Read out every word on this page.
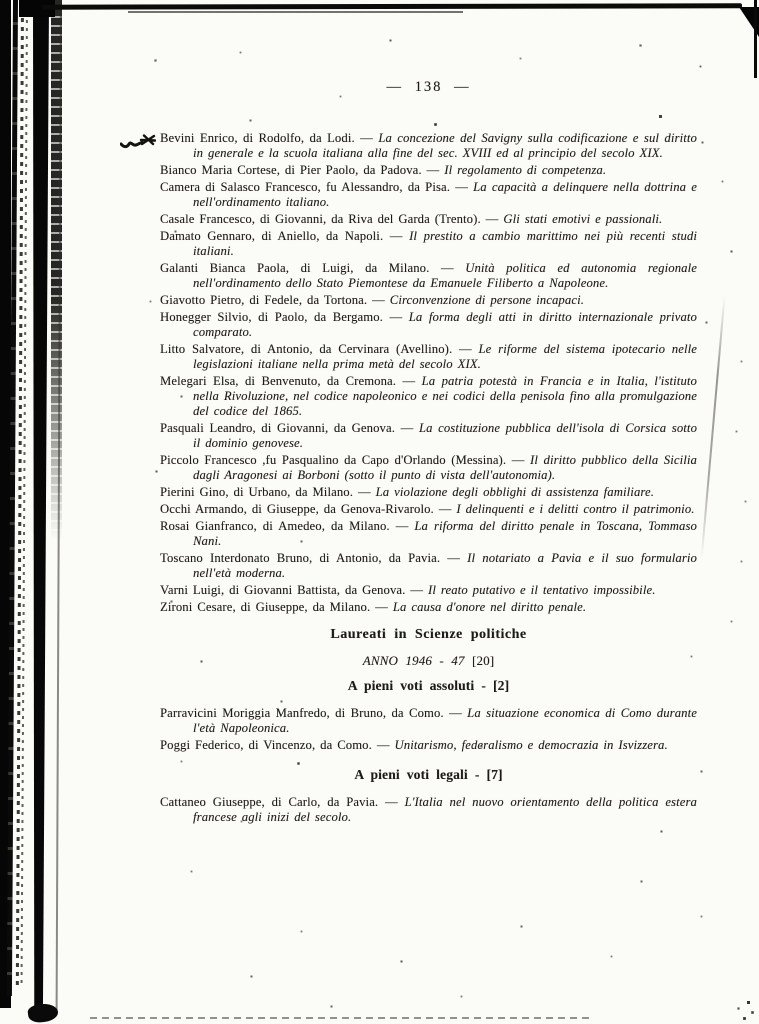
— 138 —

Bevini Enrico, di Rodolfo, da Lodi. — La concezione del Savigny sulla codificazione e sul diritto in generale e la scuola italiana alla fine del sec. XVIII ed al principio del secolo XIX.

Bianco Maria Cortese, di Pier Paolo, da Padova. — Il regolamento di competenza.

Camera di Salasco Francesco, fu Alessandro, da Pisa. — La capacità a delinquere nella dottrina e nell'ordinamento italiano.

Casale Francesco, di Giovanni, da Riva del Garda (Trento). — Gli stati emotivi e passionali.

Damato Gennaro, di Aniello, da Napoli. — Il prestito a cambio marittimo nei più recenti studi italiani.

Galanti Bianca Paola, di Luigi, da Milano. — Unità politica ed autonomia regionale nell'ordinamento dello Stato Piemontese da Emanuele Filiberto a Napoleone.

Giavotto Pietro, di Fedele, da Tortona. — Circonvenzione di persone incapaci.

Honegger Silvio, di Paolo, da Bergamo. — La forma degli atti in diritto internazionale privato comparato.

Litto Salvatore, di Antonio, da Cervinara (Avellino). — Le riforme del sistema ipotecario nelle legislazioni italiane nella prima metà del secolo XIX.

Melegari Elsa, di Benvenuto, da Cremona. — La patria potestà in Francia e in Italia, l'istituto nella Rivoluzione, nel codice napoleonico e nei codici della penisola fino alla promulgazione del codice del 1865.

Pasquali Leandro, di Giovanni, da Genova. — La costituzione pubblica dell'isola di Corsica sotto il dominio genovese.

Piccolo Francesco ,fu Pasqualino da Capo d'Orlando (Messina). — Il diritto pubblico della Sicilia dagli Aragonesi ai Borboni (sotto il punto di vista dell'autonomia).

Pierini Gino, di Urbano, da Milano. — La violazione degli obblighi di assistenza familiare.

Occhi Armando, di Giuseppe, da Genova-Rivarolo. — I delinquenti e i delitti contro il patrimonio.

Rosai Gianfranco, di Amedeo, da Milano. — La riforma del diritto penale in Toscana, Tommaso Nani.

Toscano Interdonato Bruno, di Antonio, da Pavia. — Il notariato a Pavia e il suo formulario nell'età moderna.

Varni Luigi, di Giovanni Battista, da Genova. — Il reato putativo e il tentativo impossibile.

Zironi Cesare, di Giuseppe, da Milano. — La causa d'onore nel diritto penale.

Laureati in Scienze politiche

ANNO 1946 - 47 [20]

A pieni voti assoluti - [2]

Parravicini Moriggia Manfredo, di Bruno, da Como. — La situazione economica di Como durante l'età Napoleonica.

Poggi Federico, di Vincenzo, da Como. — Unitarismo, federalismo e democrazia in Isvizzera.

A pieni voti legali - [7]

Cattaneo Giuseppe, di Carlo, da Pavia. — L'Italia nel nuovo orientamento della politica estera francese agli inizi del secolo.
